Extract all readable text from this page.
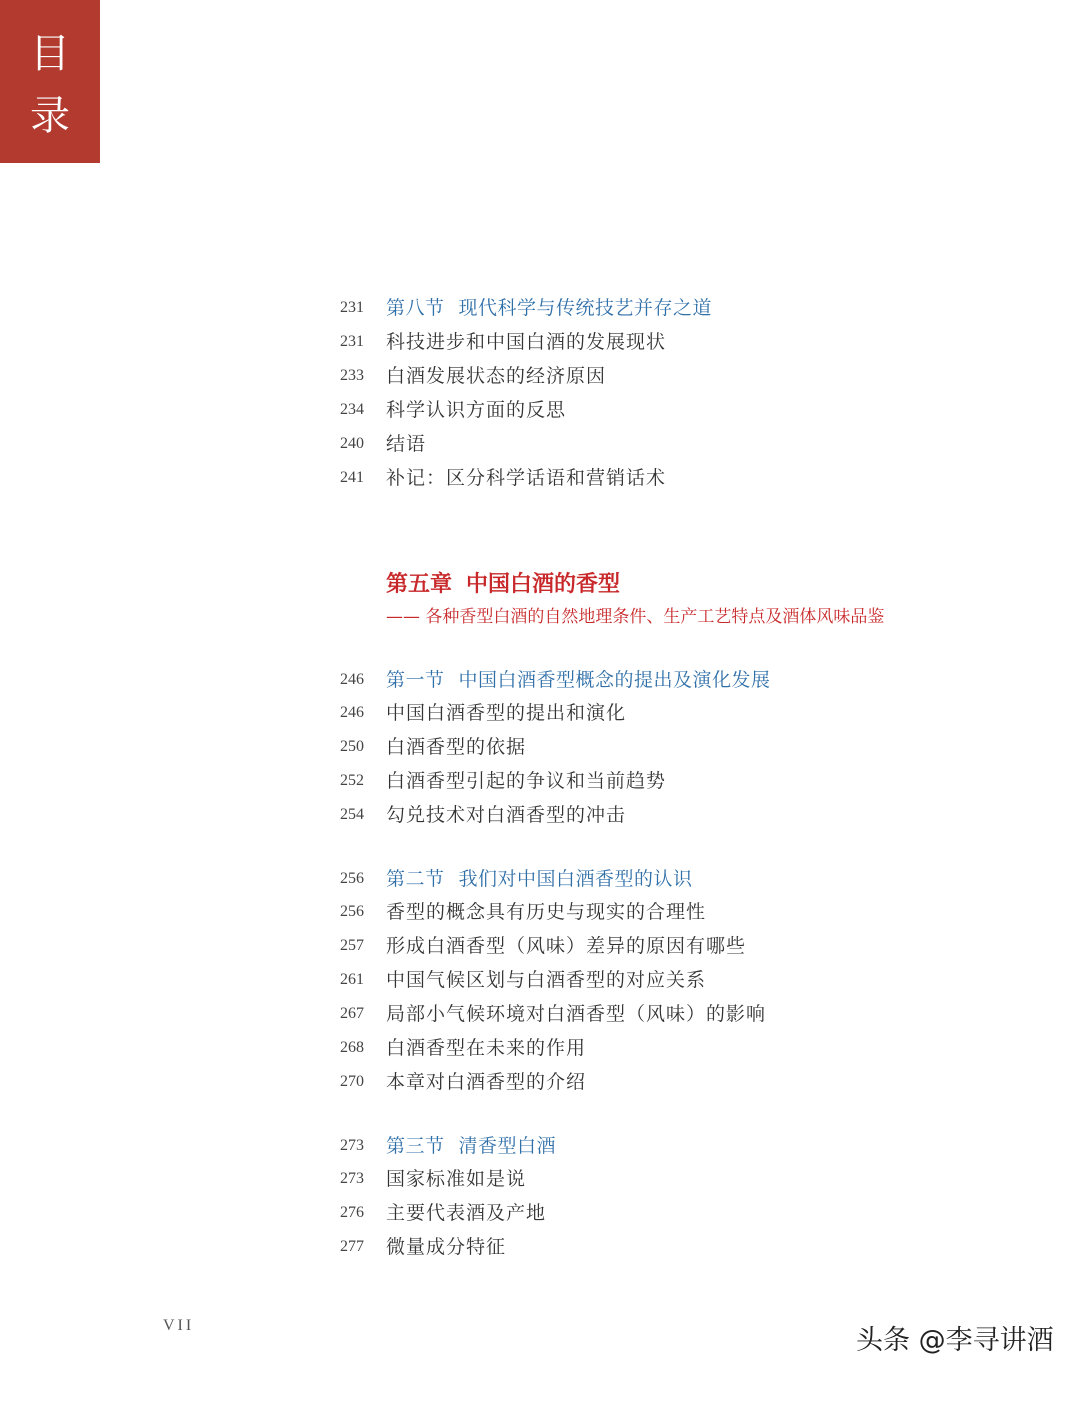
目
录
231	第八节 现代科学与传统技艺并存之道
231	科技进步和中国白酒的发展现状
233	白酒发展状态的经济原因
234	科学认识方面的反思
240	结语
241	补记：区分科学话语和营销话术
第五章 中国白酒的香型
—— 各种香型白酒的自然地理条件、生产工艺特点及酒体风味品鉴
246	第一节 中国白酒香型概念的提出及演化发展
246	中国白酒香型的提出和演化
250	白酒香型的依据
252	白酒香型引起的争议和当前趋势
254	勾兑技术对白酒香型的冲击
256	第二节 我们对中国白酒香型的认识
256	香型的概念具有历史与现实的合理性
257	形成白酒香型（风味）差异的原因有哪些
261	中国气候区划与白酒香型的对应关系
267	局部小气候环境对白酒香型（风味）的影响
268	白酒香型在未来的作用
270	本章对白酒香型的介绍
273	第三节 清香型白酒
273	国家标准如是说
276	主要代表酒及产地
277	微量成分特征
VII	头条 @李寻讲酒
